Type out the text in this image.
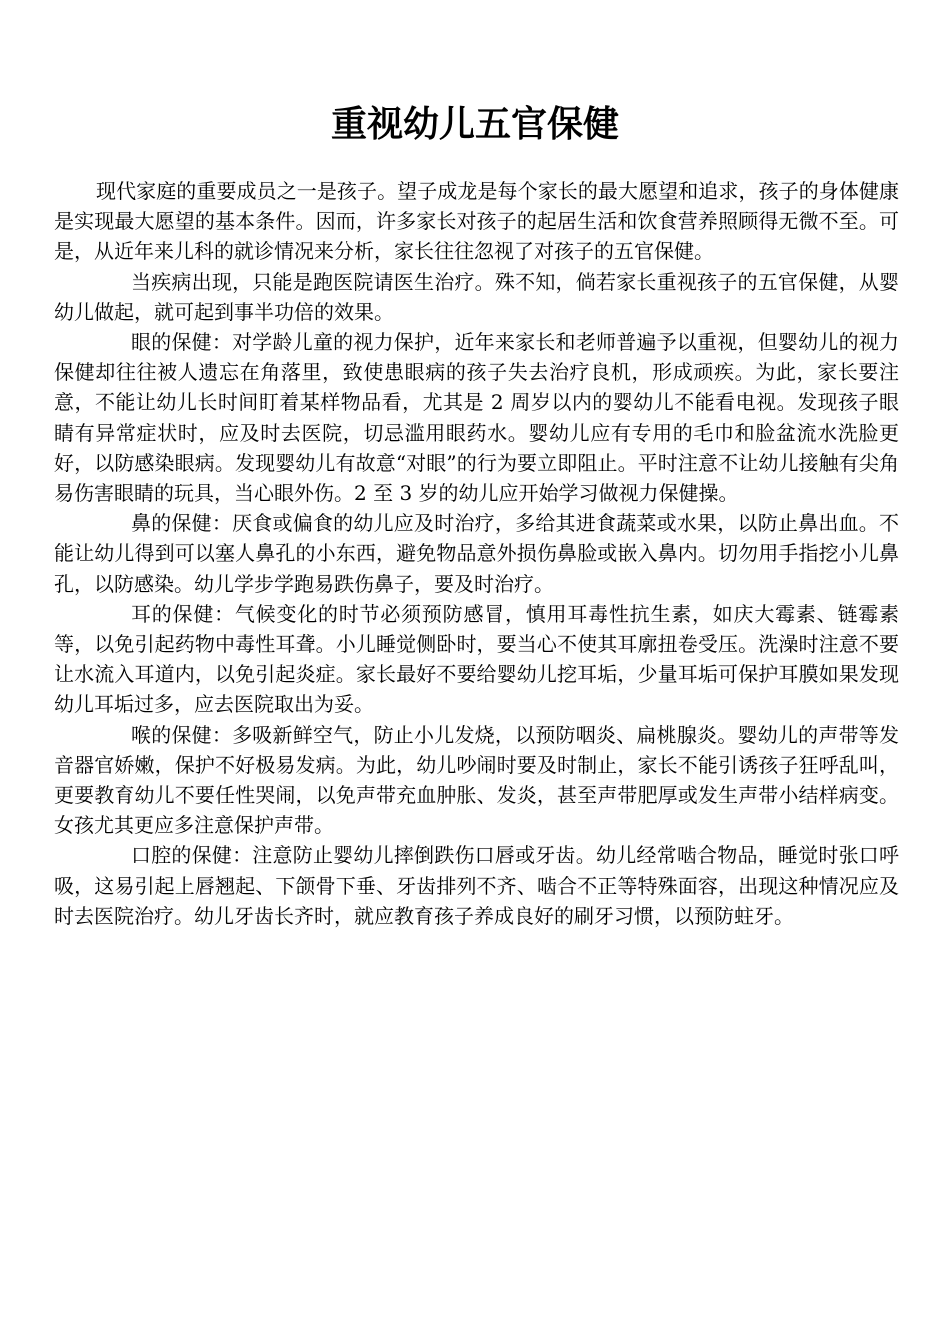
重视幼儿五官保健

现代家庭的重要成员之一是孩子。望子成龙是每个家长的最大愿望和追求，孩子的身体健康是实现最大愿望的基本条件。因而，许多家长对孩子的起居生活和饮食营养照顾得无微不至。可是，从近年来儿科的就诊情况来分析，家长往往忽视了对孩子的五官保健。

当疾病出现，只能是跑医院请医生治疗。殊不知，倘若家长重视孩子的五官保健，从婴幼儿做起，就可起到事半功倍的效果。

眼的保健：对学龄儿童的视力保护，近年来家长和老师普遍予以重视，但婴幼儿的视力保健却往往被人遗忘在角落里，致使患眼病的孩子失去治疗良机，形成顽疾。为此，家长要注意，不能让幼儿长时间盯着某样物品看，尤其是 2 周岁以内的婴幼儿不能看电视。发现孩子眼睛有异常症状时，应及时去医院，切忌滥用眼药水。婴幼儿应有专用的毛巾和脸盆流水洗脸更好，以防感染眼病。发现婴幼儿有故意“对眼”的行为要立即阻止。平时注意不让幼儿接触有尖角易伤害眼睛的玩具，当心眼外伤。2 至 3 岁的幼儿应开始学习做视力保健操。

鼻的保健：厌食或偏食的幼儿应及时治疗，多给其进食蔬菜或水果，以防止鼻出血。不能让幼儿得到可以塞人鼻孔的小东西，避免物品意外损伤鼻脸或嵌入鼻内。切勿用手指挖小儿鼻孔，以防感染。幼儿学步学跑易跌伤鼻子，要及时治疗。

耳的保健：气候变化的时节必须预防感冒，慎用耳毒性抗生素，如庆大霉素、链霉素等，以免引起药物中毒性耳聋。小儿睡觉侧卧时，要当心不使其耳廓扭卷受压。洗澡时注意不要让水流入耳道内，以免引起炎症。家长最好不要给婴幼儿挖耳垢，少量耳垢可保护耳膜如果发现幼儿耳垢过多，应去医院取出为妥。

喉的保健：多吸新鲜空气，防止小儿发烧，以预防咽炎、扁桃腺炎。婴幼儿的声带等发音器官娇嫩，保护不好极易发病。为此，幼儿吵闹时要及时制止，家长不能引诱孩子狂呼乱叫，更要教育幼儿不要任性哭闹，以免声带充血肿胀、发炎，甚至声带肥厚或发生声带小结样病变。女孩尤其更应多注意保护声带。

口腔的保健：注意防止婴幼儿摔倒跌伤口唇或牙齿。幼儿经常啮合物品，睡觉时张口呼吸，这易引起上唇翘起、下颌骨下垂、牙齿排列不齐、啮合不正等特殊面容，出现这种情况应及时去医院治疗。幼儿牙齿长齐时，就应教育孩子养成良好的刷牙习惯，以预防蛀牙。
